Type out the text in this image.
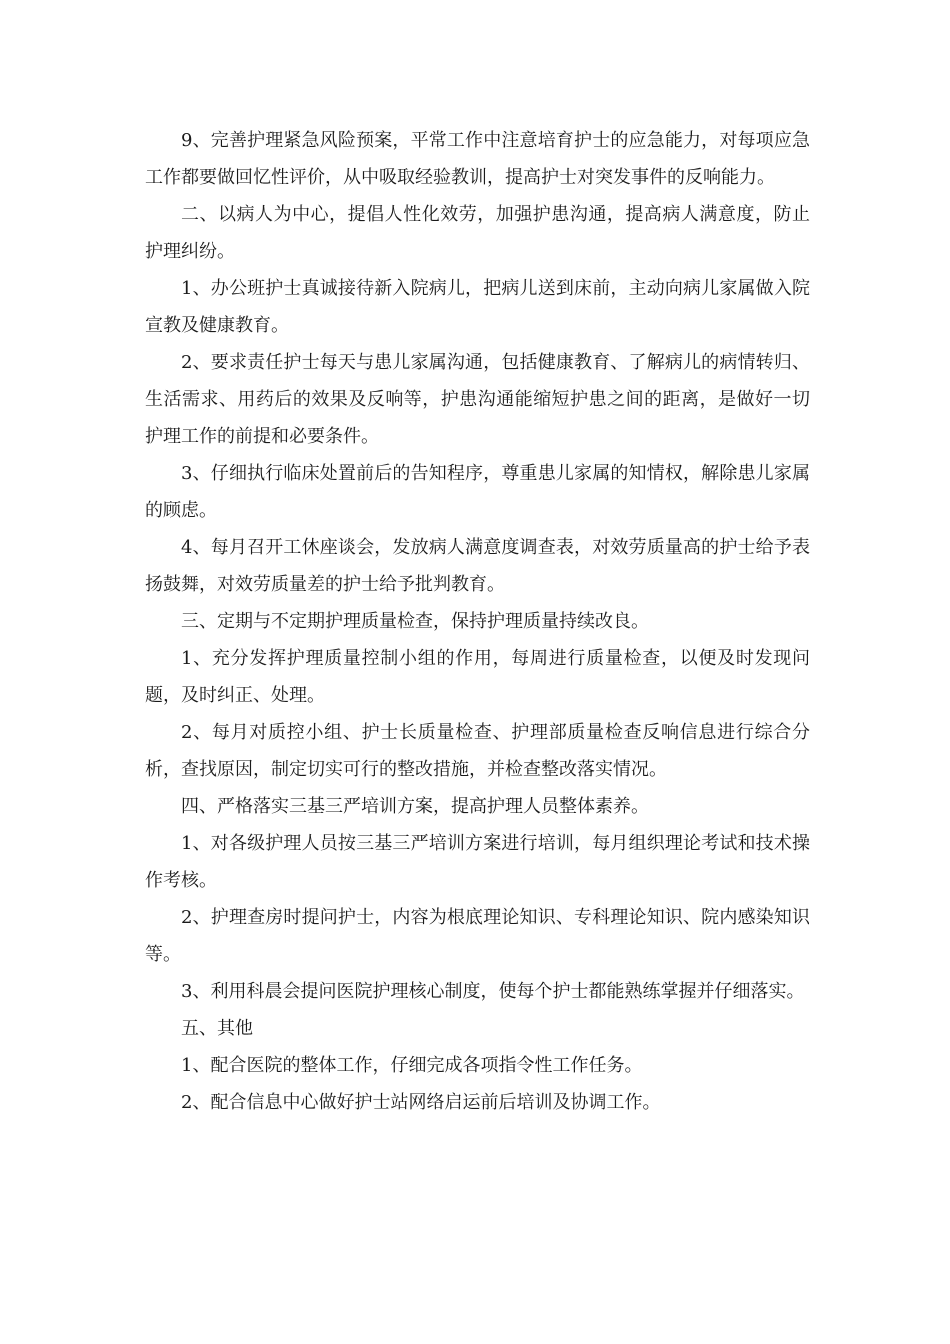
9、完善护理紧急风险预案，平常工作中注意培育护士的应急能力，对每项应急工作都要做回忆性评价，从中吸取经验教训，提高护士对突发事件的反响能力。

二、以病人为中心，提倡人性化效劳，加强护患沟通，提高病人满意度，防止护理纠纷。

1、办公班护士真诚接待新入院病儿，把病儿送到床前，主动向病儿家属做入院宣教及健康教育。

2、要求责任护士每天与患儿家属沟通，包括健康教育、了解病儿的病情转归、生活需求、用药后的效果及反响等，护患沟通能缩短护患之间的距离，是做好一切护理工作的前提和必要条件。

3、仔细执行临床处置前后的告知程序，尊重患儿家属的知情权，解除患儿家属的顾虑。

4、每月召开工休座谈会，发放病人满意度调查表，对效劳质量高的护士给予表扬鼓舞，对效劳质量差的护士给予批判教育。

三、定期与不定期护理质量检查，保持护理质量持续改良。

1、充分发挥护理质量控制小组的作用，每周进行质量检查，以便及时发现问题，及时纠正、处理。

2、每月对质控小组、护士长质量检查、护理部质量检查反响信息进行综合分析，查找原因，制定切实可行的整改措施，并检查整改落实情况。

四、严格落实三基三严培训方案，提高护理人员整体素养。

1、对各级护理人员按三基三严培训方案进行培训，每月组织理论考试和技术操作考核。

2、护理查房时提问护士，内容为根底理论知识、专科理论知识、院内感染知识等。

3、利用科晨会提问医院护理核心制度，使每个护士都能熟练掌握并仔细落实。

五、其他

1、配合医院的整体工作，仔细完成各项指令性工作任务。

2、配合信息中心做好护士站网络启运前后培训及协调工作。
